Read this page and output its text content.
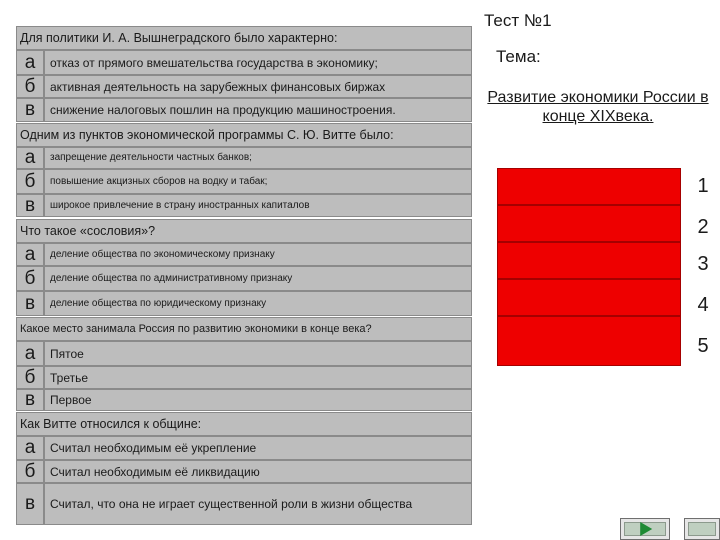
Для политики И. А. Вышнеградского было характерно:
а	отказ от прямого вмешательства государства в экономику;
б	активная деятельность на зарубежных финансовых биржах
в	снижение налоговых пошлин на продукцию машиностроения.
Одним из пунктов экономической программы С. Ю. Витте было:
а	запрещение деятельности частных банков;
б	повышение акцизных сборов на водку и табак;
в	широкое привлечение в страну иностранных капиталов
Что такое «сословия»?
а	деление общества по экономическому признаку
б	деление общества по административному признаку
в	деление общества по юридическому признаку
Какое место занимала Россия по развитию экономики в конце века?
а	Пятое
б	Третье
в	Первое
Как Витте относился к общине:
а	Считал необходимым её укрепление
б	Считал необходимым её ликвидацию
в	Считал, что она не играет существенной роли в жизни общества
Тест №1
Тема:
Развитие экономики России в конце XIXвека.
1
2
3
4
5
